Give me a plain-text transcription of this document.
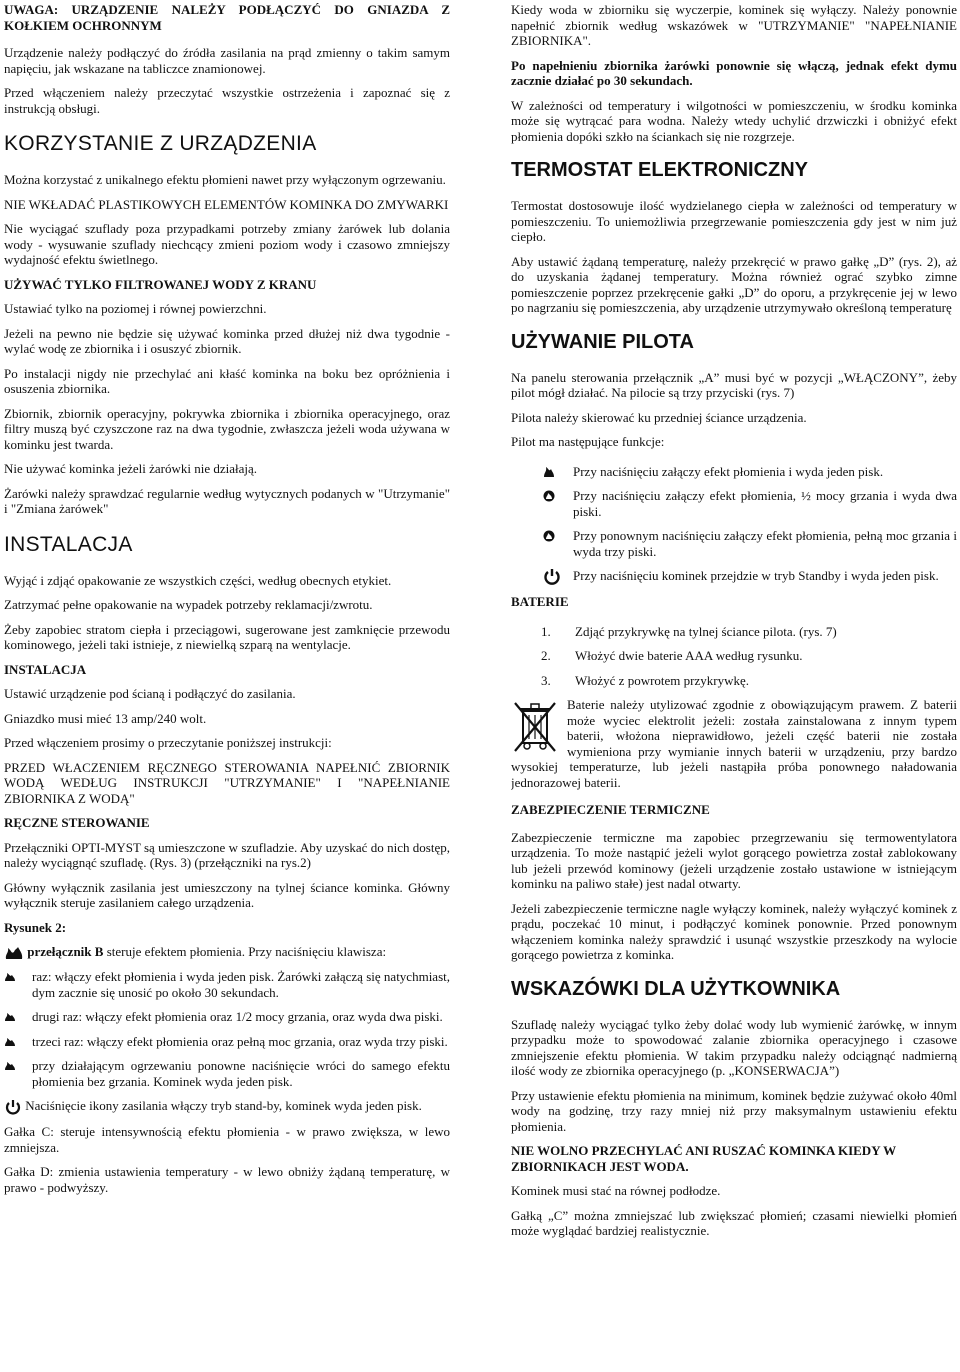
UWAGA: URZĄDZENIE NALEŻY PODŁĄCZYĆ DO GNIAZDA Z KOŁKIEM OCHRONNYM

Urządzenie należy podłączyć do źródła zasilania na prąd zmienny o takim samym napięciu, jak wskazane na tabliczce znamionowej.

Przed włączeniem należy przeczytać wszystkie ostrzeżenia i zapoznać się z instrukcją obsługi.

KORZYSTANIE Z URZĄDZENIA

Można korzystać z unikalnego efektu płomieni nawet przy wyłączonym ogrzewaniu.

NIE WKŁADAĆ PLASTIKOWYCH ELEMENTÓW KOMINKA DO ZMYWARKI

Nie wyciągać szuflady poza przypadkami potrzeby zmiany żarówek lub dolania wody - wysuwanie szuflady niechcący zmieni poziom wody i czasowo zmniejszy wydajność efektu świetlnego.

UŻYWAĆ TYLKO FILTROWANEJ WODY Z KRANU

Ustawiać tylko na poziomej i równej powierzchni.

Jeżeli na pewno nie będzie się używać kominka przed dłużej niż dwa tygodnie - wylać wodę ze zbiornika i i osuszyć zbiornik.

Po instalacji nigdy nie przechylać ani kłaść kominka na boku bez opróżnienia i osuszenia zbiornika.

Zbiornik, zbiornik operacyjny, pokrywka zbiornika i zbiornika operacyjnego, oraz filtry muszą być czyszczone raz na dwa tygodnie, zwłaszcza jeżeli woda używana w kominku jest twarda.

Nie używać kominka jeżeli żarówki nie działają.

Żarówki należy sprawdzać regularnie według wytycznych podanych w "Utrzymanie" i "Zmiana żarówek"

INSTALACJA

Wyjąć i zdjąć opakowanie ze wszystkich części, według obecnych etykiet.

Zatrzymać pełne opakowanie na wypadek potrzeby reklamacji/zwrotu.

Żeby zapobiec stratom ciepła i przeciągowi, sugerowane jest zamknięcie przewodu kominowego, jeżeli taki istnieje, z niewielką szparą na wentylacje.

INSTALACJA

Ustawić urządzenie pod ścianą i podłączyć do zasilania.

Gniazdko musi mieć 13 amp/240 wolt.

Przed włączeniem prosimy o przeczytanie poniższej instrukcji:

PRZED WŁACZENIEM RĘCZNEGO STEROWANIA NAPEŁNIĆ ZBIORNIK WODĄ WEDŁUG INSTRUKCJI "UTRZYMANIE" I "NAPEŁNIANIE ZBIORNIKA Z WODĄ"

RĘCZNE STEROWANIE

Przełączniki OPTI-MYST są umieszczone w szufladzie. Aby uzyskać do nich dostęp, należy wyciągnąć szufladę. (Rys. 3) (przełączniki na rys.2)

Główny wyłącznik zasilania jest umieszczony na tylnej ściance kominka. Główny wyłącznik steruje zasilaniem całego urządzenia.

Rysunek 2:

przełącznik B steruje efektem płomienia. Przy naciśnięciu klawisza:

raz: włączy efekt płomienia i wyda jeden pisk. Żarówki załączą się natychmiast, dym zacznie się unosić po około 30 sekundach.
drugi raz: włączy efekt płomienia oraz 1/2 mocy grzania, oraz wyda dwa piski.
trzeci raz: włączy efekt płomienia oraz pełną moc grzania, oraz wyda trzy piski.
przy działającym ogrzewaniu ponowne naciśnięcie wróci do samego efektu płomienia bez grzania. Kominek wyda jeden pisk.

Naciśnięcie ikony zasilania włączy tryb stand-by, kominek wyda jeden pisk.

Gałka C: steruje intensywnością efektu płomienia - w prawo zwiększa, w lewo zmniejsza.

Gałka D: zmienia ustawienia temperatury - w lewo obniży żądaną temperaturę, w prawo - podwyższy.

Kiedy woda w zbiorniku się wyczerpie, kominek się wyłączy. Należy ponownie napełnić zbiornik według wskazówek w "UTRZYMANIE" "NAPEŁNIANIE ZBIORNIKA".

Po napełnieniu zbiornika żarówki ponownie się włączą, jednak efekt dymu zacznie działać po 30 sekundach.

W zależności od temperatury i wilgotności w pomieszczeniu, w środku kominka może się wytrącać para wodna. Należy wtedy uchylić drzwiczki i obniżyć efekt płomienia dopóki szkło na ściankach się nie rozgrzeje.

TERMOSTAT ELEKTRONICZNY

Termostat dostosowuje ilość wydzielanego ciepła w zależności od temperatury w pomieszczeniu. To uniemożliwia przegrzewanie pomieszczenia gdy jest w nim już ciepło.

Aby ustawić żądaną temperaturę, należy przekręcić w prawo gałkę „D” (rys. 2), aż do uzyskania żądanej temperatury. Można również ograć szybko zimne pomieszczenie poprzez przekręcenie gałki „D” do oporu, a przykręcenie jej w lewo po nagrzaniu się pomieszczenia, aby urządzenie utrzymywało określoną temperaturę

UŻYWANIE PILOTA

Na panelu sterowania przełącznik „A” musi być w pozycji „WŁĄCZONY”, żeby pilot mógł działać. Na pilocie są trzy przyciski (rys. 7)

Pilota należy skierować ku przedniej ściance urządzenia.

Pilot ma następujące funkcje:

Przy naciśnięciu załączy efekt płomienia i wyda jeden pisk.
Przy naciśnięciu załączy efekt płomienia, ½ mocy grzania i wyda dwa piski.
Przy ponownym naciśnięciu załączy efekt płomienia, pełną moc grzania i wyda trzy piski.
Przy naciśnięciu kominek przejdzie w tryb Standby i wyda jeden pisk.

BATERIE

1.	Zdjąć przykrywkę na tylnej ściance pilota. (rys. 7)
2.	Włożyć dwie baterie AAA według rysunku.
3.	Włożyć z powrotem przykrywkę.

Baterie należy utylizować zgodnie z obowiązującym prawem. Z baterii może wyciec elektrolit jeżeli: została zainstalowana z innym typem baterii, włożona nieprawidłowo, jeżeli część baterii nie została wymieniona przy wymianie innych baterii w urządzeniu, przy bardzo wysokiej temperaturze, lub jeżeli nastąpiła próba ponownego naładowania jednorazowej baterii.

ZABEZPIECZENIE TERMICZNE

Zabezpieczenie termiczne ma zapobiec przegrzewaniu się termowentylatora urządzenia. To może nastąpić jeżeli wylot gorącego powietrza został zablokowany lub jeżeli przewód kominowy (jeżeli urządzenie zostało ustawione w istniejącym kominku na paliwo stałe) jest nadal otwarty.

Jeżeli zabezpieczenie termiczne nagle wyłączy kominek, należy wyłączyć kominek z prądu, poczekać 10 minut, i podłączyć kominek ponownie. Przed ponownym włączeniem kominka należy sprawdzić i usunąć wszystkie przeszkody na wylocie gorącego powietrza z kominka.

WSKAZÓWKI DLA UŻYTKOWNIKA

Szufladę należy wyciągać tylko żeby dolać wody lub wymienić żarówkę, w innym przypadku może to spowodować zalanie zbiornika operacyjnego i czasowe zmniejszenie efektu płomienia. W takim przypadku należy odciągnąć nadmierną ilość wody ze zbiornika operacyjnego (p. „KONSERWACJA”)

Przy ustawienie efektu płomienia na minimum, kominek będzie zużywać około 40ml wody na godzinę, trzy razy mniej niż przy maksymalnym ustawieniu efektu płomienia.

NIE WOLNO PRZECHYLAĆ ANI RUSZAĆ KOMINKA KIEDY W ZBIORNIKACH JEST WODA.

Kominek musi stać na równej podłodze.

Gałką „C” można zmniejszać lub zwiększać płomień; czasami niewielki płomień może wyglądać bardziej realistycznie.
